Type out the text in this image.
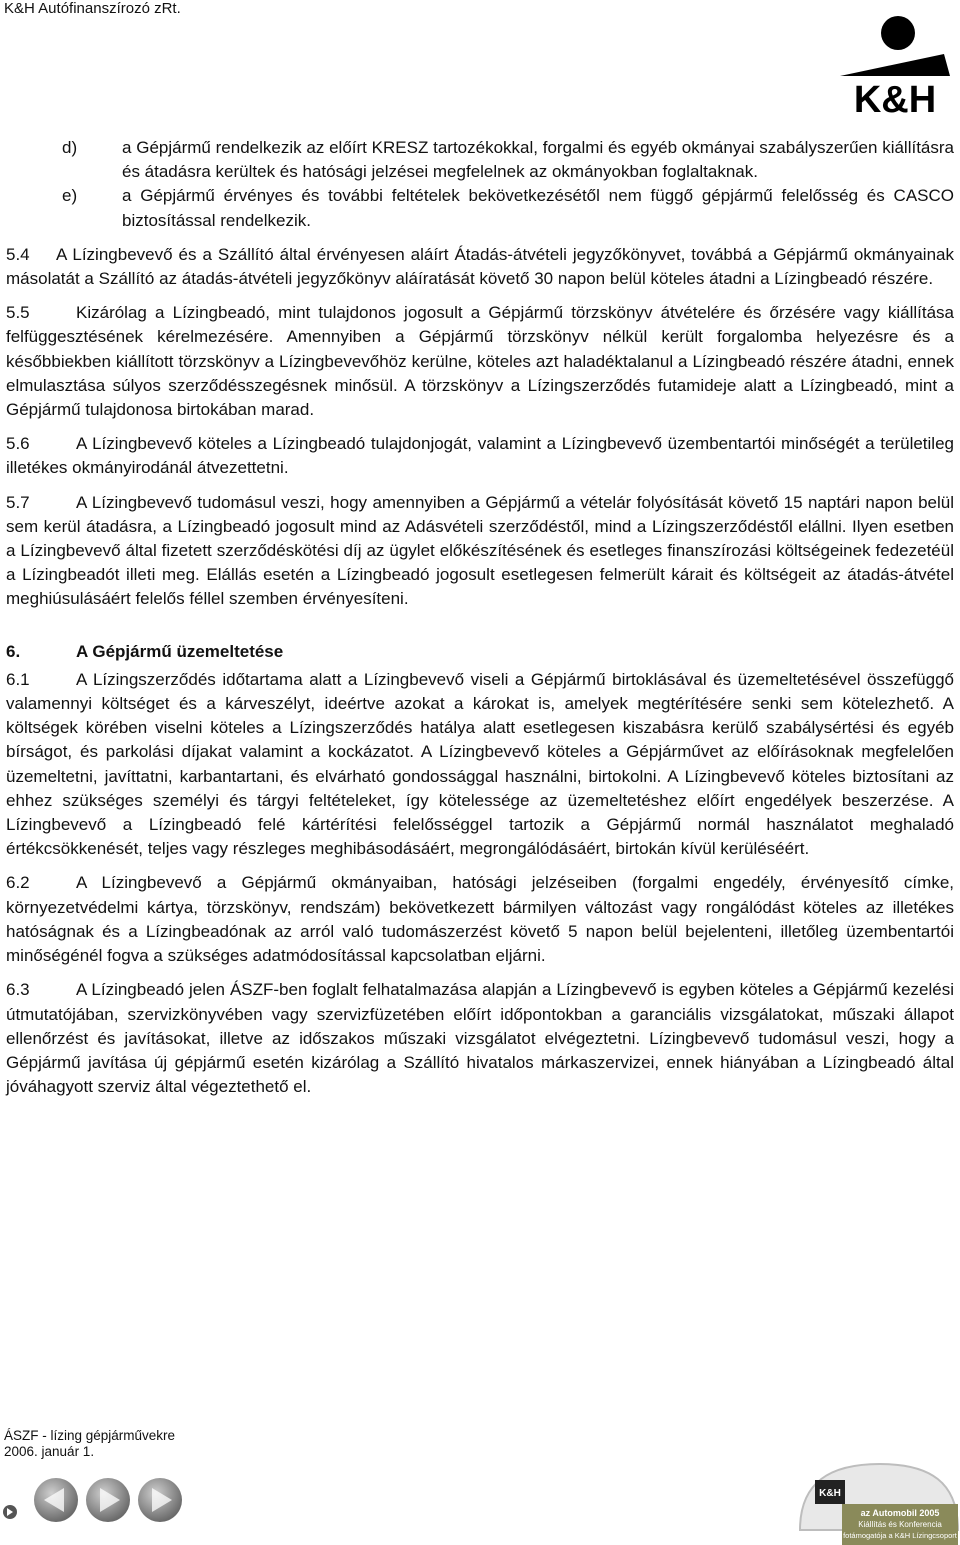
K&H Autófinanszírozó zRt.
K&H
d)	a Gépjármű rendelkezik az előírt KRESZ tartozékokkal, forgalmi és egyéb okmányai szabályszerűen kiállításra és átadásra kerültek és hatósági jelzései megfelelnek az okmányokban foglaltaknak.
e)	a Gépjármű érvényes és további feltételek bekövetkezésétől nem függő gépjármű felelősség és CASCO biztosítással rendelkezik.

5.4 A Lízingbevevő és a Szállító által érvényesen aláírt Átadás-átvételi jegyzőkönyvet, továbbá a Gépjármű okmányainak másolatát a Szállító az átadás-átvételi jegyzőkönyv aláíratását követő 30 napon belül köteles átadni a Lízingbeadó részére.

5.5	Kizárólag a Lízingbeadó, mint tulajdonos jogosult a Gépjármű törzskönyv átvételére és őrzésére vagy kiállítása felfüggesztésének kérelmezésére. Amennyiben a Gépjármű törzskönyv nélkül került forgalomba helyezésre és a későbbiekben kiállított törzskönyv a Lízingbevevőhöz kerülne, köteles azt haladéktalanul a Lízingbeadó részére átadni, ennek elmulasztása súlyos szerződésszegésnek minősül. A törzskönyv a Lízingszerződés futamideje alatt a Lízingbeadó, mint a Gépjármű tulajdonosa birtokában marad.

5.6	A Lízingbevevő köteles a Lízingbeadó tulajdonjogát, valamint a Lízingbevevő üzembentartói minőségét a területileg illetékes okmányirodánál átvezettetni.

5.7	A Lízingbevevő tudomásul veszi, hogy amennyiben a Gépjármű a vételár folyósítását követő 15 naptári napon belül sem kerül átadásra, a Lízingbeadó jogosult mind az Adásvételi szerződéstől, mind a Lízingszerződéstől elállni. Ilyen esetben a Lízingbevevő által fizetett szerződéskötési díj az ügylet előkészítésének és esetleges finanszírozási költségeinek fedezetéül a Lízingbeadót illeti meg. Elállás esetén a Lízingbeadó jogosult esetlegesen felmerült kárait és költségeit az átadás-átvétel meghiúsulásáért felelős féllel szemben érvényesíteni.

6.	A Gépjármű üzemeltetése

6.1	A Lízingszerződés időtartama alatt a Lízingbevevő viseli a Gépjármű birtoklásával és üzemeltetésével összefüggő valamennyi költséget és a kárveszélyt, ideértve azokat a károkat is, amelyek megtérítésére senki sem kötelezhető. A költségek körében viselni köteles a Lízingszerződés hatálya alatt esetlegesen kiszabásra kerülő szabálysértési és egyéb bírságot, és parkolási díjakat valamint a kockázatot. A Lízingbevevő köteles a Gépjárművet az előírásoknak megfelelően üzemeltetni, javíttatni, karbantartani, és elvárható gondossággal használni, birtokolni. A Lízingbevevő köteles biztosítani az ehhez szükséges személyi és tárgyi feltételeket, így kötelessége az üzemeltetéshez előírt engedélyek beszerzése. A Lízingbevevő a Lízingbeadó felé kártérítési felelősséggel tartozik a Gépjármű normál használatot meghaladó értékcsökkenését, teljes vagy részleges meghibásodásáért, megrongálódásáért, birtokán kívül kerüléséért.

6.2	A Lízingbevevő a Gépjármű okmányaiban, hatósági jelzéseiben (forgalmi engedély, érvényesítő címke, környezetvédelmi kártya, törzskönyv, rendszám) bekövetkezett bármilyen változást vagy rongálódást köteles az illetékes hatóságnak és a Lízingbeadónak az arról való tudomászerzést követő 5 napon belül bejelenteni, illetőleg üzembentartói minőségénél fogva a szükséges adatmódosítással kapcsolatban eljárni.

6.3	A Lízingbeadó jelen ÁSZF-ben foglalt felhatalmazása alapján a Lízingbevevő is egyben köteles a Gépjármű kezelési útmutatójában, szervizkönyvében vagy szervizfüzetében előírt időpontokban a garanciális vizsgálatokat, műszaki állapot ellenőrzést és javításokat, illetve az időszakos műszaki vizsgálatot elvégeztetni. Lízingbevevő tudomásul veszi, hogy a Gépjármű javítása új gépjármű esetén kizárólag a Szállító hivatalos márkaszervizei, ennek hiányában a Lízingbeadó által jóváhagyott szerviz által végeztethető el.

ÁSZF - lízing gépjárművekre
2006. január 1.
K&H
az Automobil 2005
Kiállítás és Konferencia
fotámogatója a K&H Lízingcsoport
